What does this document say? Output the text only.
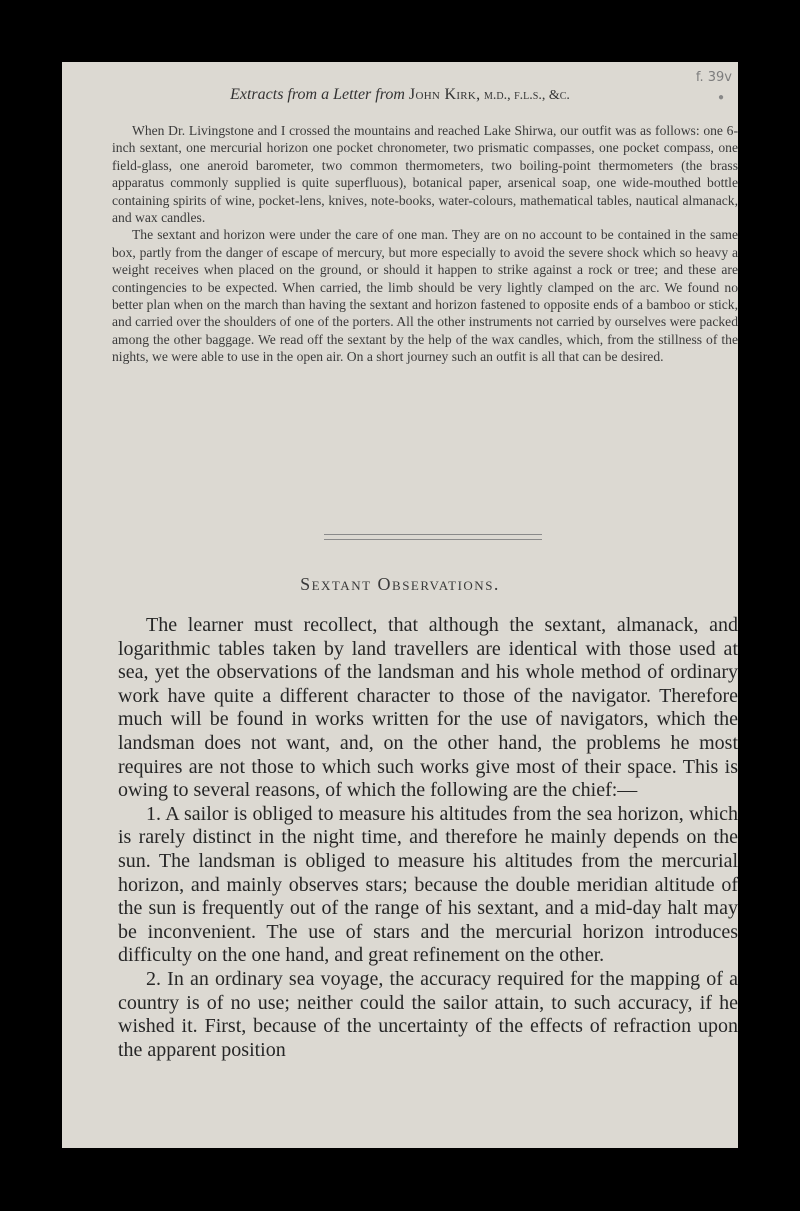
f. 39v
●
Extracts from a Letter from John Kirk, m.d., f.l.s., &c.

When Dr. Livingstone and I crossed the mountains and reached Lake Shirwa, our outfit was as follows: one 6-inch sextant, one mercurial horizon one pocket chronometer, two prismatic compasses, one pocket compass, one field-glass, one aneroid barometer, two common thermometers, two boiling-point thermometers (the brass apparatus commonly supplied is quite superfluous), botanical paper, arsenical soap, one wide-mouthed bottle containing spirits of wine, pocket-lens, knives, note-books, water-colours, mathematical tables, nautical almanack, and wax candles.

The sextant and horizon were under the care of one man. They are on no account to be contained in the same box, partly from the danger of escape of mercury, but more especially to avoid the severe shock which so heavy a weight receives when placed on the ground, or should it happen to strike against a rock or tree; and these are contingencies to be expected. When carried, the limb should be very lightly clamped on the arc. We found no better plan when on the march than having the sextant and horizon fastened to opposite ends of a bamboo or stick, and carried over the shoulders of one of the porters. All the other instruments not carried by ourselves were packed among the other baggage. We read off the sextant by the help of the wax candles, which, from the stillness of the nights, we were able to use in the open air. On a short journey such an outfit is all that can be desired.

Sextant Observations.

The learner must recollect, that although the sextant, almanack, and logarithmic tables taken by land travellers are identical with those used at sea, yet the observations of the landsman and his whole method of ordinary work have quite a different character to those of the navigator. Therefore much will be found in works written for the use of navigators, which the landsman does not want, and, on the other hand, the problems he most requires are not those to which such works give most of their space. This is owing to several reasons, of which the following are the chief:—

1. A sailor is obliged to measure his altitudes from the sea horizon, which is rarely distinct in the night time, and therefore he mainly depends on the sun. The landsman is obliged to measure his altitudes from the mercurial horizon, and mainly observes stars; because the double meridian altitude of the sun is frequently out of the range of his sextant, and a mid-day halt may be inconvenient. The use of stars and the mercurial horizon introduces difficulty on the one hand, and great refinement on the other.

2. In an ordinary sea voyage, the accuracy required for the mapping of a country is of no use; neither could the sailor attain, to such accuracy, if he wished it. First, because of the uncertainty of the effects of refraction upon the apparent position
